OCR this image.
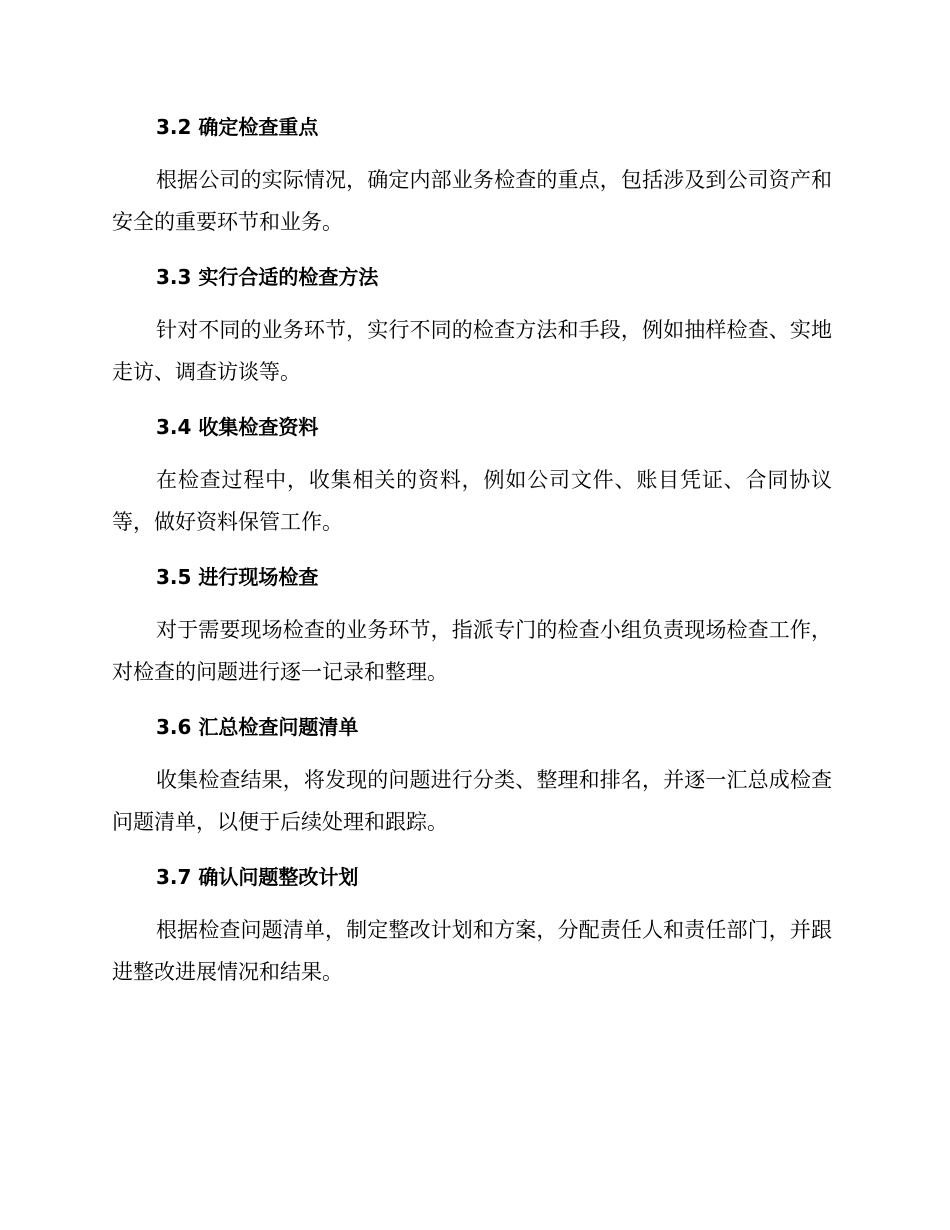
3.2 确定检查重点

根据公司的实际情况，确定内部业务检查的重点，包括涉及到公司资产和安全的重要环节和业务。

3.3 实行合适的检查方法

针对不同的业务环节，实行不同的检查方法和手段，例如抽样检查、实地走访、调查访谈等。

3.4 收集检查资料

在检查过程中，收集相关的资料，例如公司文件、账目凭证、合同协议等，做好资料保管工作。

3.5 进行现场检查

对于需要现场检查的业务环节，指派专门的检查小组负责现场检查工作，对检查的问题进行逐一记录和整理。

3.6 汇总检查问题清单

收集检查结果，将发现的问题进行分类、整理和排名，并逐一汇总成检查问题清单，以便于后续处理和跟踪。

3.7 确认问题整改计划

根据检查问题清单，制定整改计划和方案，分配责任人和责任部门，并跟进整改进展情况和结果。
